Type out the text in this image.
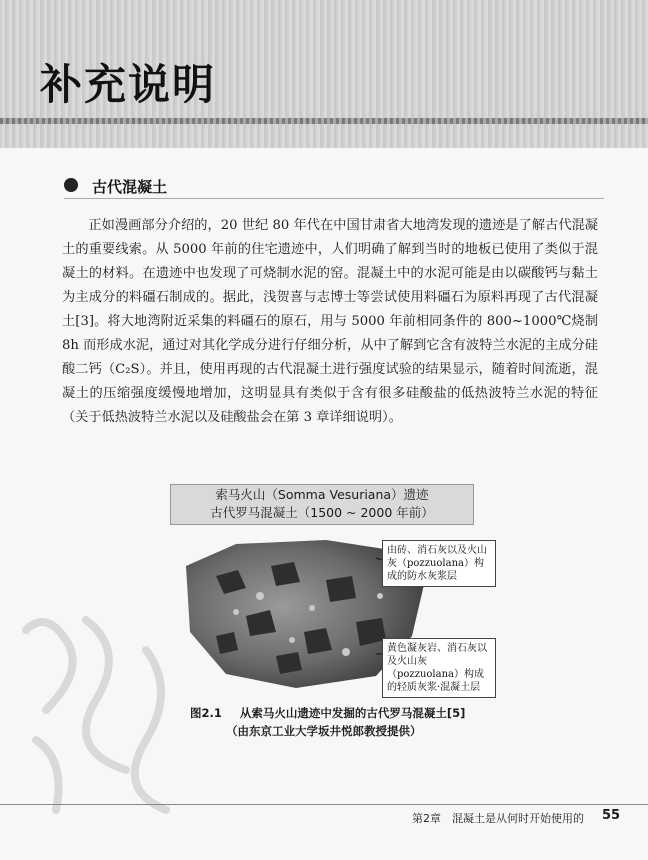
补充说明
古代混凝土

正如漫画部分介绍的，20 世纪 80 年代在中国甘肃省大地湾发现的遗迹是了解古代混凝土的重要线索。从 5000 年前的住宅遗迹中，人们明确了解到当时的地板已使用了类似于混凝土的材料。在遗迹中也发现了可烧制水泥的窑。混凝土中的水泥可能是由以碳酸钙与黏土为主成分的料礓石制成的。据此，浅贺喜与志博士等尝试使用料礓石为原料再现了古代混凝土[3]。将大地湾附近采集的料礓石的原石，用与 5000 年前相同条件的 800~1000℃烧制 8h 而形成水泥，通过对其化学成分进行仔细分析，从中了解到它含有波特兰水泥的主成分硅酸二钙（C₂S）。并且，使用再现的古代混凝土进行强度试验的结果显示，随着时间流逝，混凝土的压缩强度缓慢地增加，这明显具有类似于含有很多硅酸盐的低热波特兰水泥的特征（关于低热波特兰水泥以及硅酸盐会在第 3 章详细说明）。

索马火山（Somma Vesuriana）遗迹
古代罗马混凝土（1500 ~ 2000 年前）
由砖、消石灰以及火山灰（pozzuolana）构成的防水灰浆层
黄色凝灰岩、消石灰以及火山灰（pozzuolana）构成的轻质灰浆·混凝土层
图2.1 从索马火山遗迹中发掘的古代罗马混凝土[5]
（由东京工业大学坂井悦郎教授提供）
第2章　混凝土是从何时开始使用的 55
